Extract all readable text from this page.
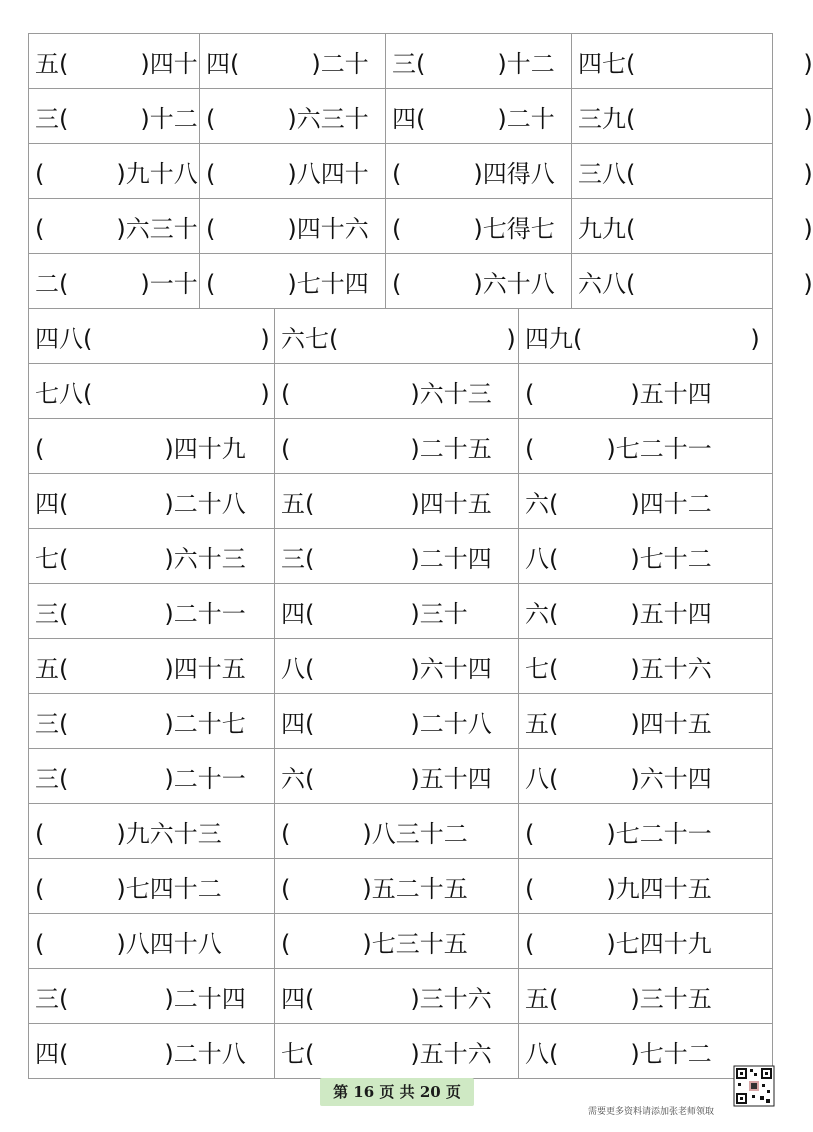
五(　　　)四十	四(　　　)二十	三(　　　)十二	四七(　　　　　　　)
三(　　　)十二	(　　　)六三十	四(　　　)二十	三九(　　　　　　　)
(　　　)九十八	(　　　)八四十	(　　　)四得八	三八(　　　　　　　)
(　　　)六三十	(　　　)四十六	(　　　)七得七	九九(　　　　　　　)
二(　　　)一十	(　　　)七十四	(　　　)六十八	六八(　　　　　　　)
四八(　　　　　　　)	六七(　　　　　　　)	四九(　　　　　　　)
七八(　　　　　　　)	(　　　　　)六十三	(　　　　)五十四
(　　　　　)四十九	(　　　　　)二十五	(　　　)七二十一
四(　　　　)二十八	五(　　　　)四十五	六(　　　)四十二
七(　　　　)六十三	三(　　　　)二十四	八(　　　)七十二
三(　　　　)二十一	四(　　　　)三十	六(　　　)五十四
五(　　　　)四十五	八(　　　　)六十四	七(　　　)五十六
三(　　　　)二十七	四(　　　　)二十八	五(　　　)四十五
三(　　　　)二十一	六(　　　　)五十四	八(　　　)六十四
(　　　)九六十三	(　　　)八三十二	(　　　)七二十一
(　　　)七四十二	(　　　)五二十五	(　　　)九四十五
(　　　)八四十八	(　　　)七三十五	(　　　)七四十九
三(　　　　)二十四	四(　　　　)三十六	五(　　　)三十五
四(　　　　)二十八	七(　　　　)五十六	八(　　　)七十二
第 16 页 共 20 页
需要更多资料请添加张老师领取
